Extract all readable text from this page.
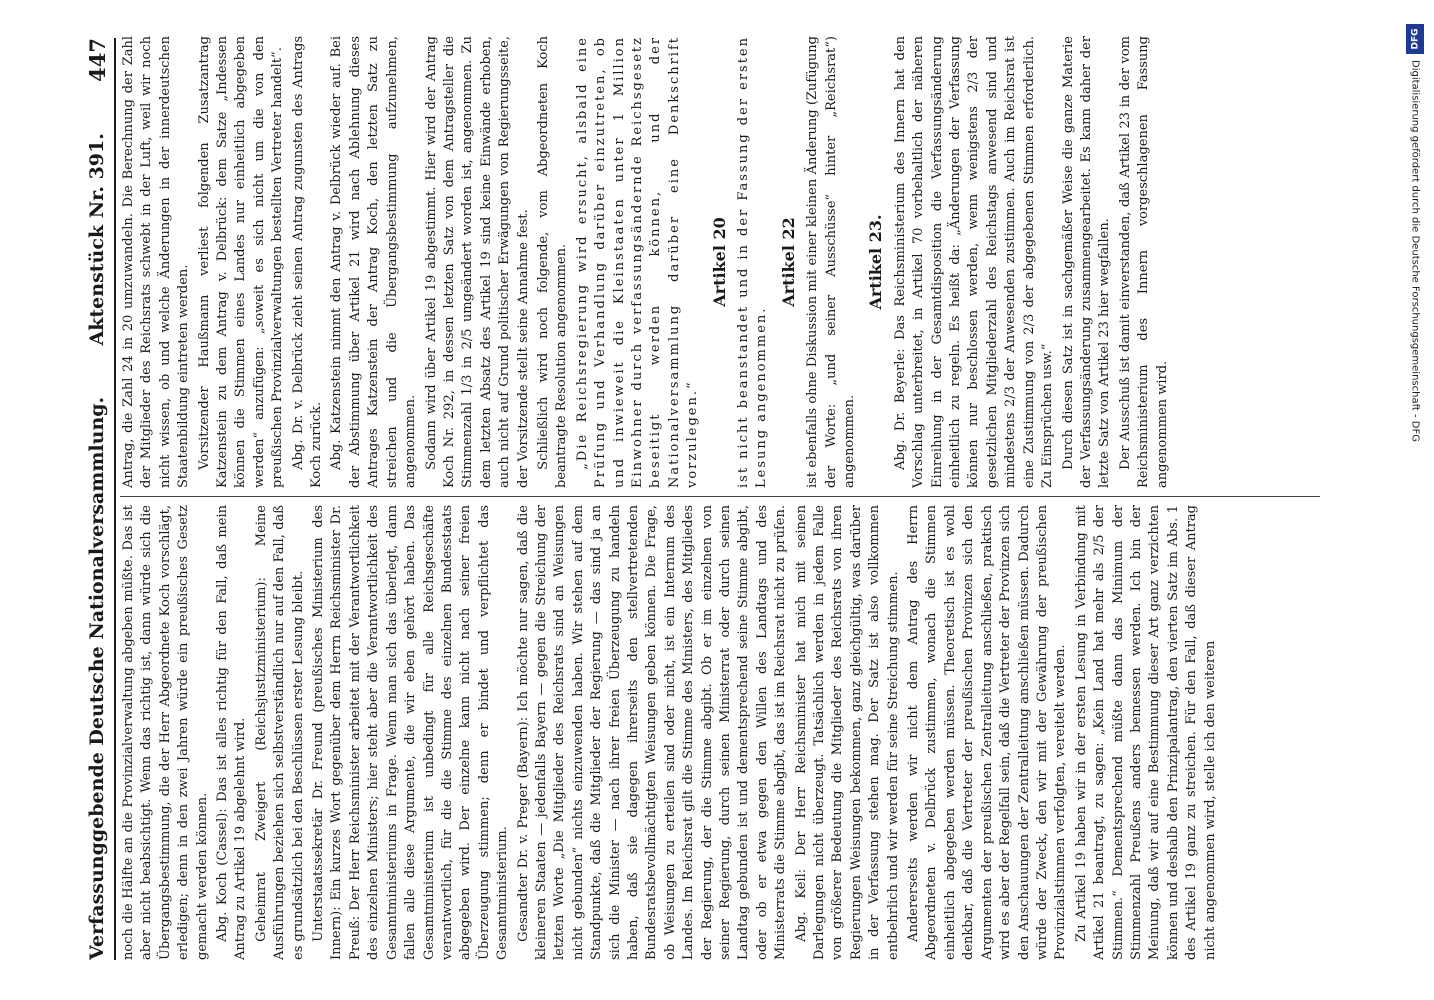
Verfassunggebende Deutsche Nationalversammlung.
Aktenstück Nr. 391.
447

noch die Hälfte an die Provinzialverwaltung abgeben müßte. Das ist aber nicht beabsichtigt. Wenn das richtig ist, dann würde sich die Übergangsbestimmung, die der Herr Abgeordnete Koch vorschlägt, erledigen; denn in den zwei Jahren würde ein preußisches Gesetz gemacht werden können. Abg. Koch (Cassel): Das ist alles richtig für den Fall, daß mein Antrag zu Artikel 19 abgelehnt wird. Geheimrat Zweigert (Reichsjustizministerium): Meine Ausführungen beziehen sich selbstverständlich nur auf den Fall, daß es grundsätzlich bei den Beschlüssen erster Lesung bleibt. Unterstaatssekretär Dr. Freund (preußisches Ministerium des Innern): Ein kurzes Wort gegenüber dem Herrn Reichsminister Dr. Preuß: Der Herr Reichsminister arbeitet mit der Verantwortlichkeit des einzelnen Ministers; hier steht aber die Verantwortlichkeit des Gesamtministeriums in Frage. Wenn man sich das überlegt, dann fallen alle diese Argumente, die wir eben gehört haben. Das Gesamtministerium ist unbedingt für alle Reichsgeschäfte verantwortlich, für die die Stimme des einzelnen Bundesstaats abgegeben wird. Der einzelne kann nicht nach seiner freien Überzeugung stimmen; denn er bindet und verpflichtet das Gesamtministerium. Gesandter Dr. v. Preger (Bayern): Ich möchte nur sagen, daß die kleineren Staaten — jedenfalls Bayern — gegen die Streichung der letzten Worte „Die Mitglieder des Reichsrats sind an Weisungen nicht gebunden“ nichts einzuwenden haben. Wir stehen auf dem Standpunkte, daß die Mitglieder der Regierung — das sind ja an sich die Minister — nach ihrer freien Überzeugung zu handeln haben, daß sie dagegen ihrerseits den stellvertretenden Bundesratsbevollmächtigten Weisungen geben können. Die Frage, ob Weisungen zu erteilen sind oder nicht, ist ein Internum des Landes. Im Reichsrat gilt die Stimme des Ministers, des Mitgliedes der Regierung, der die Stimme abgibt. Ob er im einzelnen von seiner Regierung, durch seinen Ministerrat oder durch seinen Landtag gebunden ist und dementsprechend seine Stimme abgibt, oder ob er etwa gegen den Willen des Landtags und des Ministerrats die Stimme abgibt, das ist im Reichsrat nicht zu prüfen. Abg. Keil: Der Herr Reichsminister hat mich mit seinen Darlegungen nicht überzeugt. Tatsächlich werden in jedem Falle von größerer Bedeutung die Mitglieder des Reichsrats von ihren Regierungen Weisungen bekommen, ganz gleichgültig, was darüber in der Verfassung stehen mag. Der Satz ist also vollkommen entbehrlich und wir werden für seine Streichung stimmen. Andererseits werden wir nicht dem Antrag des Herrn Abgeordneten v. Delbrück zustimmen, wonach die Stimmen einheitlich abgegeben werden müssen. Theoretisch ist es wohl denkbar, daß die Vertreter der preußischen Provinzen sich den Argumenten der preußischen Zentralleitung anschließen, praktisch wird es aber der Regelfall sein, daß die Vertreter der Provinzen sich den Anschauungen der Zentralleitung anschließen müssen. Dadurch würde der Zweck, den wir mit der Gewährung der preußischen Provinzialstimmen verfolgten, vereitelt werden. Zu Artikel 19 haben wir in der ersten Lesung in Verbindung mit Artikel 21 beantragt, zu sagen: „Kein Land hat mehr als 2/5 der Stimmen.“ Dementsprechend müßte dann das Minimum der Stimmenzahl Preußens anders bemessen werden. Ich bin der Meinung, daß wir auf eine Bestimmung dieser Art ganz verzichten können und deshalb den Prinzipalantrag, den vierten Satz im Abs. 1 des Artikel 19 ganz zu streichen. Für den Fall, daß dieser Antrag nicht angenommen wird, stelle ich den weiteren

Antrag, die Zahl 24 in 20 umzuwandeln. Die Berechnung der Zahl der Mitglieder des Reichsrats schwebt in der Luft, weil wir noch nicht wissen, ob und welche Änderungen in der innerdeutschen Staatenbildung eintreten werden. Vorsitzender Haußmann verliest folgenden Zusatzantrag Katzenstein zu dem Antrag v. Delbrück: dem Satze „Indessen können die Stimmen eines Landes nur einheitlich abgegeben werden“ anzufügen: „soweit es sich nicht um die von den preußischen Provinzialverwaltungen bestellten Vertreter handelt“. Abg. Dr. v. Delbrück zieht seinen Antrag zugunsten des Antrags Koch zurück. Abg. Katzenstein nimmt den Antrag v. Delbrück wieder auf. Bei der Abstimmung über Artikel 21 wird nach Ablehnung dieses Antrages Katzenstein der Antrag Koch, den letzten Satz zu streichen und die Übergangsbestimmung aufzunehmen, angenommen. Sodann wird über Artikel 19 abgestimmt. Hier wird der Antrag Koch Nr. 292, in dessen letzten Satz von dem Antragsteller die Stimmenzahl 1/3 in 2/5 umgeändert worden ist, angenommen. Zu dem letzten Absatz des Artikel 19 sind keine Einwände erhoben, auch nicht auf Grund politischer Erwägungen von Regierungsseite, der Vorsitzende stellt seine Annahme fest. Schließlich wird noch folgende, vom Abgeordneten Koch beantragte Resolution angenommen. „Die Reichsregierung wird ersucht, alsbald eine Prüfung und Verhandlung darüber einzutreten, ob und inwieweit die Kleinstaaten unter 1 Million Einwohner durch verfassungsändernde Reichsgesetz beseitigt werden können, und der Nationalversammlung darüber eine Denkschrift vorzulegen.“

Artikel 20 ist nicht beanstandet und in der Fassung der ersten Lesung angenommen.

Artikel 22 ist ebenfalls ohne Diskussion mit einer kleinen Änderung (Zufügung der Worte: „und seiner Ausschüsse“ hinter „Reichsrat“) angenommen.

Artikel 23. Abg. Dr. Beyerle: Das Reichsministerium des Innern hat den Vorschlag unterbreitet, in Artikel 70 vorbehaltlich der näheren Einreihung in der Gesamtdisposition die Verfassungsänderung einheitlich zu regeln. Es heißt da: „Änderungen der Verfassung können nur beschlossen werden, wenn wenigstens 2/3 der gesetzlichen Mitgliederzahl des Reichstags anwesend sind und mindestens 2/3 der Anwesenden zustimmen. Auch im Reichsrat ist eine Zustimmung von 2/3 der abgegebenen Stimmen erforderlich. Zu Einsprüchen usw.“ Durch diesen Satz ist in sachgemäßer Weise die ganze Materie der Verfassungsänderung zusammengearbeitet. Es kann daher der letzte Satz von Artikel 23 hier wegfallen. Der Ausschuß ist damit einverstanden, daß Artikel 23 in der vom Reichsministerium des Innern vorgeschlagenen Fassung angenommen wird.

DFG
Digitalisierung gefördert durch die Deutsche Forschungsgemeinschaft - DFG
